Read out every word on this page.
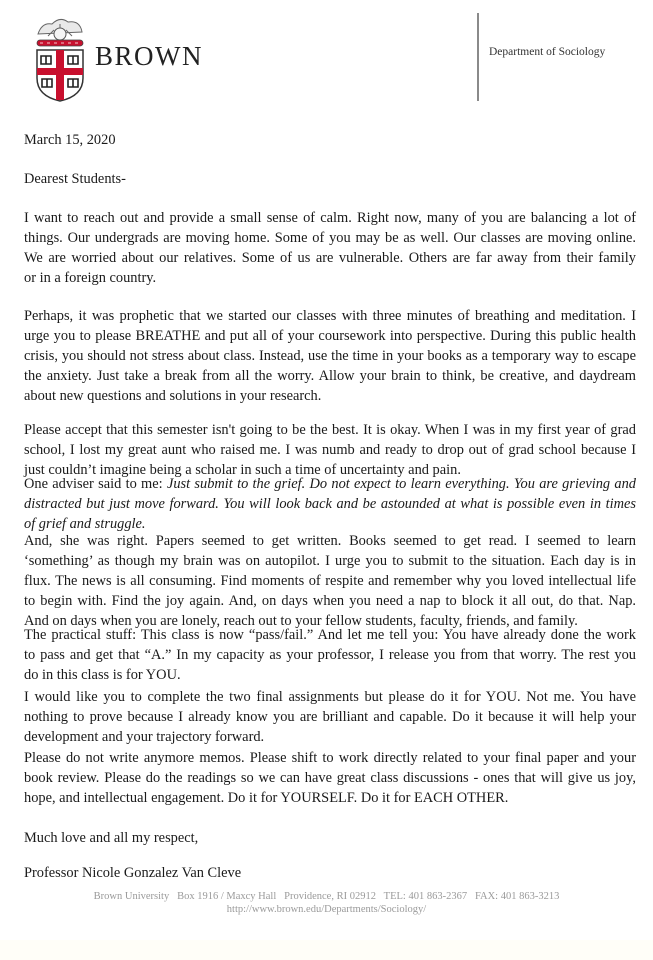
BROWN	Department of Sociology
March 15, 2020
Dearest Students-
I want to reach out and provide a small sense of calm. Right now, many of you are balancing a lot of
things. Our undergrads are moving home. Some of you may be as well. Our classes are moving online.
We are worried about our relatives. Some of us are vulnerable. Others are far away from their family
or in a foreign country.
Perhaps, it was prophetic that we started our classes with three minutes of breathing and meditation. I
urge you to please BREATHE and put all of your coursework into perspective. During this public health
crisis, you should not stress about class. Instead, use the time in your books as a temporary way to escape
the anxiety. Just take a break from all the worry. Allow your brain to think, be creative, and daydream
about new questions and solutions in your research.
Please accept that this semester isn't going to be the best. It is okay. When I was in my first year of grad
school, I lost my great aunt who raised me. I was numb and ready to drop out of grad school because I
just couldn’t imagine being a scholar in such a time of uncertainty and pain.
One adviser said to me: Just submit to the grief. Do not expect to learn everything. You are grieving and
distracted but just move forward. You will look back and be astounded at what is possible even in times
of grief and struggle.
And, she was right. Papers seemed to get written. Books seemed to get read. I seemed to learn
‘something’ as though my brain was on autopilot. I urge you to submit to the situation. Each day is in
flux. The news is all consuming. Find moments of respite and remember why you loved intellectual life
to begin with. Find the joy again. And, on days when you need a nap to block it all out, do that. Nap.
And on days when you are lonely, reach out to your fellow students, faculty, friends, and family.
The practical stuff: This class is now “pass/fail.” And let me tell you: You have already done the work
to pass and get that “A.” In my capacity as your professor, I release you from that worry. The rest you
do in this class is for YOU.
I would like you to complete the two final assignments but please do it for YOU. Not me. You have
nothing to prove because I already know you are brilliant and capable. Do it because it will help your
development and your trajectory forward.
Please do not write anymore memos. Please shift to work directly related to your final paper and your
book review. Please do the readings so we can have great class discussions - ones that will give us joy,
hope, and intellectual engagement. Do it for YOURSELF. Do it for EACH OTHER.
Much love and all my respect,
Professor Nicole Gonzalez Van Cleve
Brown University   Box 1916 / Maxcy Hall   Providence, RI 02912   TEL: 401 863-2367   FAX: 401 863-3213
http://www.brown.edu/Departments/Sociology/
